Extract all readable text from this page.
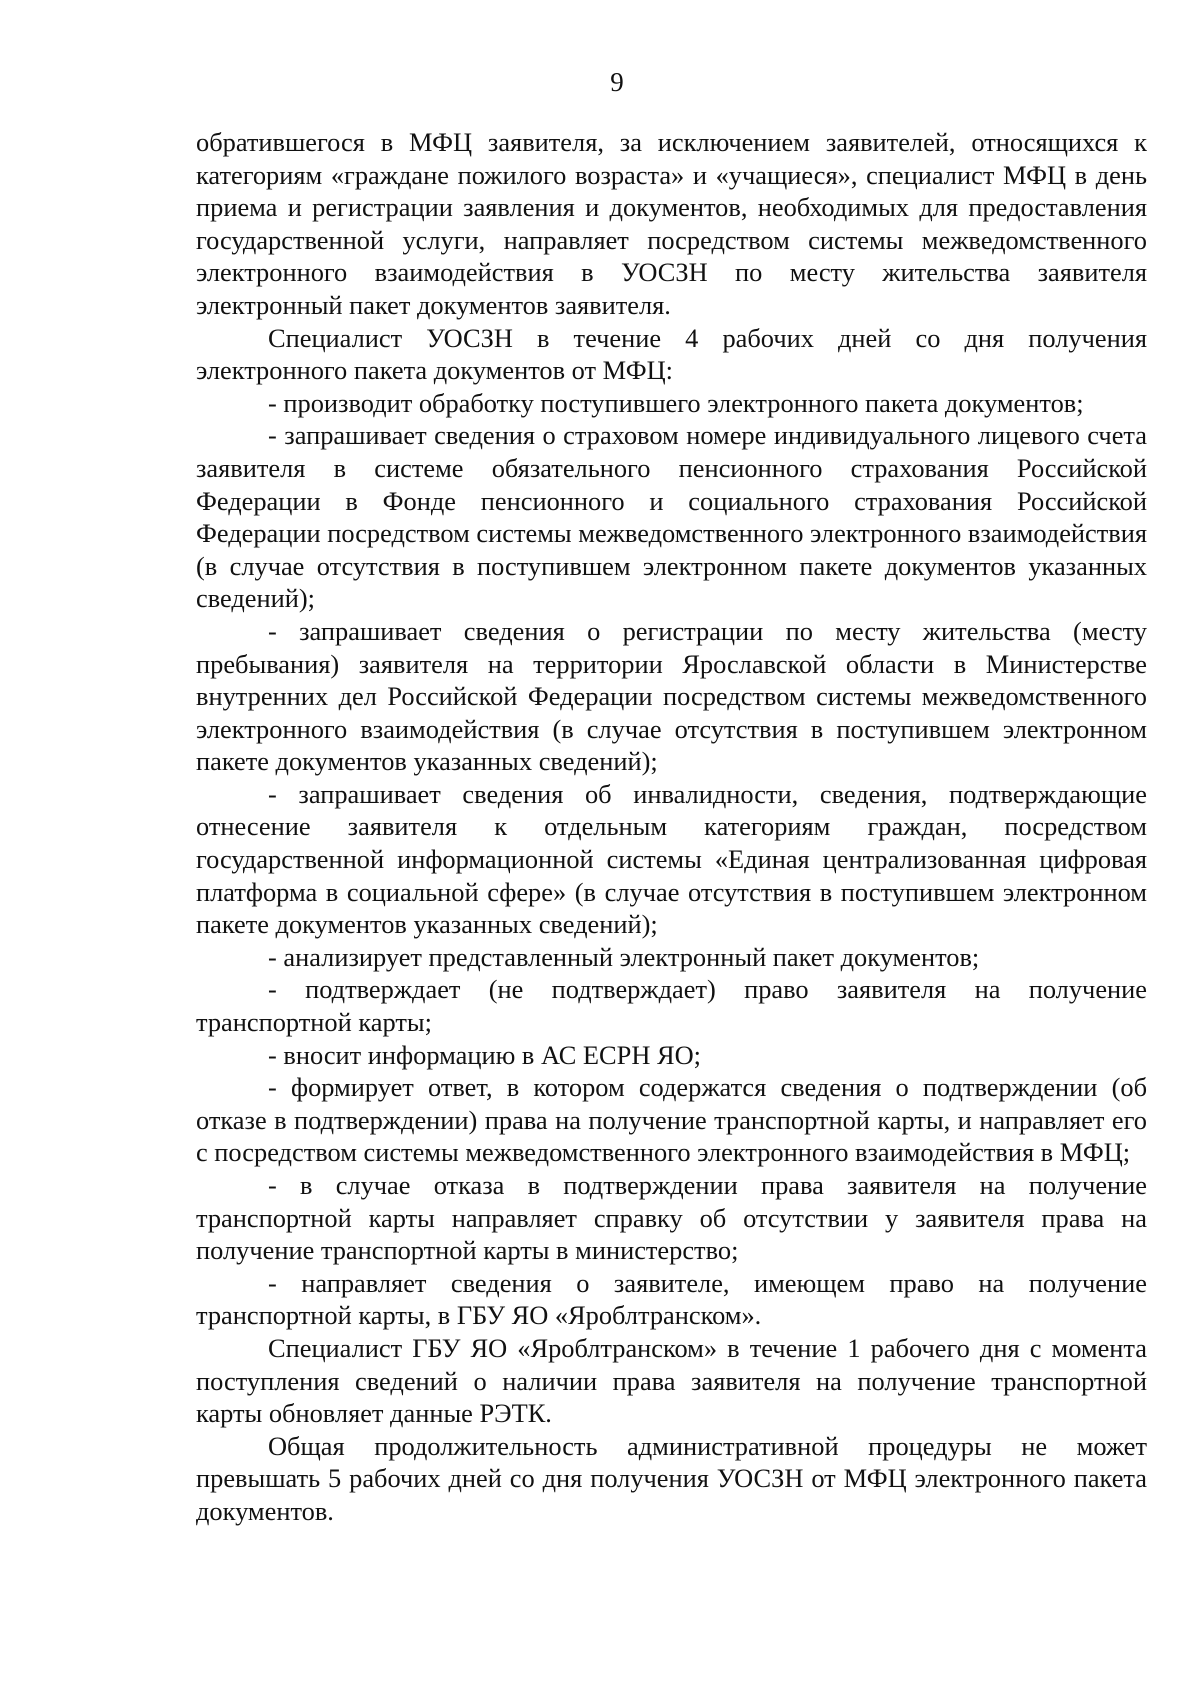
9

обратившегося в МФЦ заявителя, за исключением заявителей, относящихся к категориям «граждане пожилого возраста» и «учащиеся», специалист МФЦ в день приема и регистрации заявления и документов, необходимых для предоставления государственной услуги, направляет посредством системы межведомственного электронного взаимодействия в УОСЗН по месту жительства заявителя электронный пакет документов заявителя.

Специалист УОСЗН в течение 4 рабочих дней со дня получения электронного пакета документов от МФЦ:

- производит обработку поступившего электронного пакета документов;

- запрашивает сведения о страховом номере индивидуального лицевого счета заявителя в системе обязательного пенсионного страхования Российской Федерации в Фонде пенсионного и социального страхования Российской Федерации посредством системы межведомственного электронного взаимодействия (в случае отсутствия в поступившем электронном пакете документов указанных сведений);

- запрашивает сведения о регистрации по месту жительства (месту пребывания) заявителя на территории Ярославской области в Министерстве внутренних дел Российской Федерации посредством системы межведомственного электронного взаимодействия (в случае отсутствия в поступившем электронном пакете документов указанных сведений);

- запрашивает сведения об инвалидности, сведения, подтверждающие отнесение заявителя к отдельным категориям граждан, посредством государственной информационной системы «Единая централизованная цифровая платформа в социальной сфере» (в случае отсутствия в поступившем электронном пакете документов указанных сведений);

- анализирует представленный электронный пакет документов;

- подтверждает (не подтверждает) право заявителя на получение транспортной карты;

- вносит информацию в АС ЕСРН ЯО;

- формирует ответ, в котором содержатся сведения о подтверждении (об отказе в подтверждении) права на получение транспортной карты, и направляет его с посредством системы межведомственного электронного взаимодействия в МФЦ;

- в случае отказа в подтверждении права заявителя на получение транспортной карты направляет справку об отсутствии у заявителя права на получение транспортной карты в министерство;

- направляет сведения о заявителе, имеющем право на получение транспортной карты, в ГБУ ЯО «Яроблтранском».

Специалист ГБУ ЯО «Яроблтранском» в течение 1 рабочего дня с момента поступления сведений о наличии права заявителя на получение транспортной карты обновляет данные РЭТК.

Общая продолжительность административной процедуры не может превышать 5 рабочих дней со дня получения УОСЗН от МФЦ электронного пакета документов.
